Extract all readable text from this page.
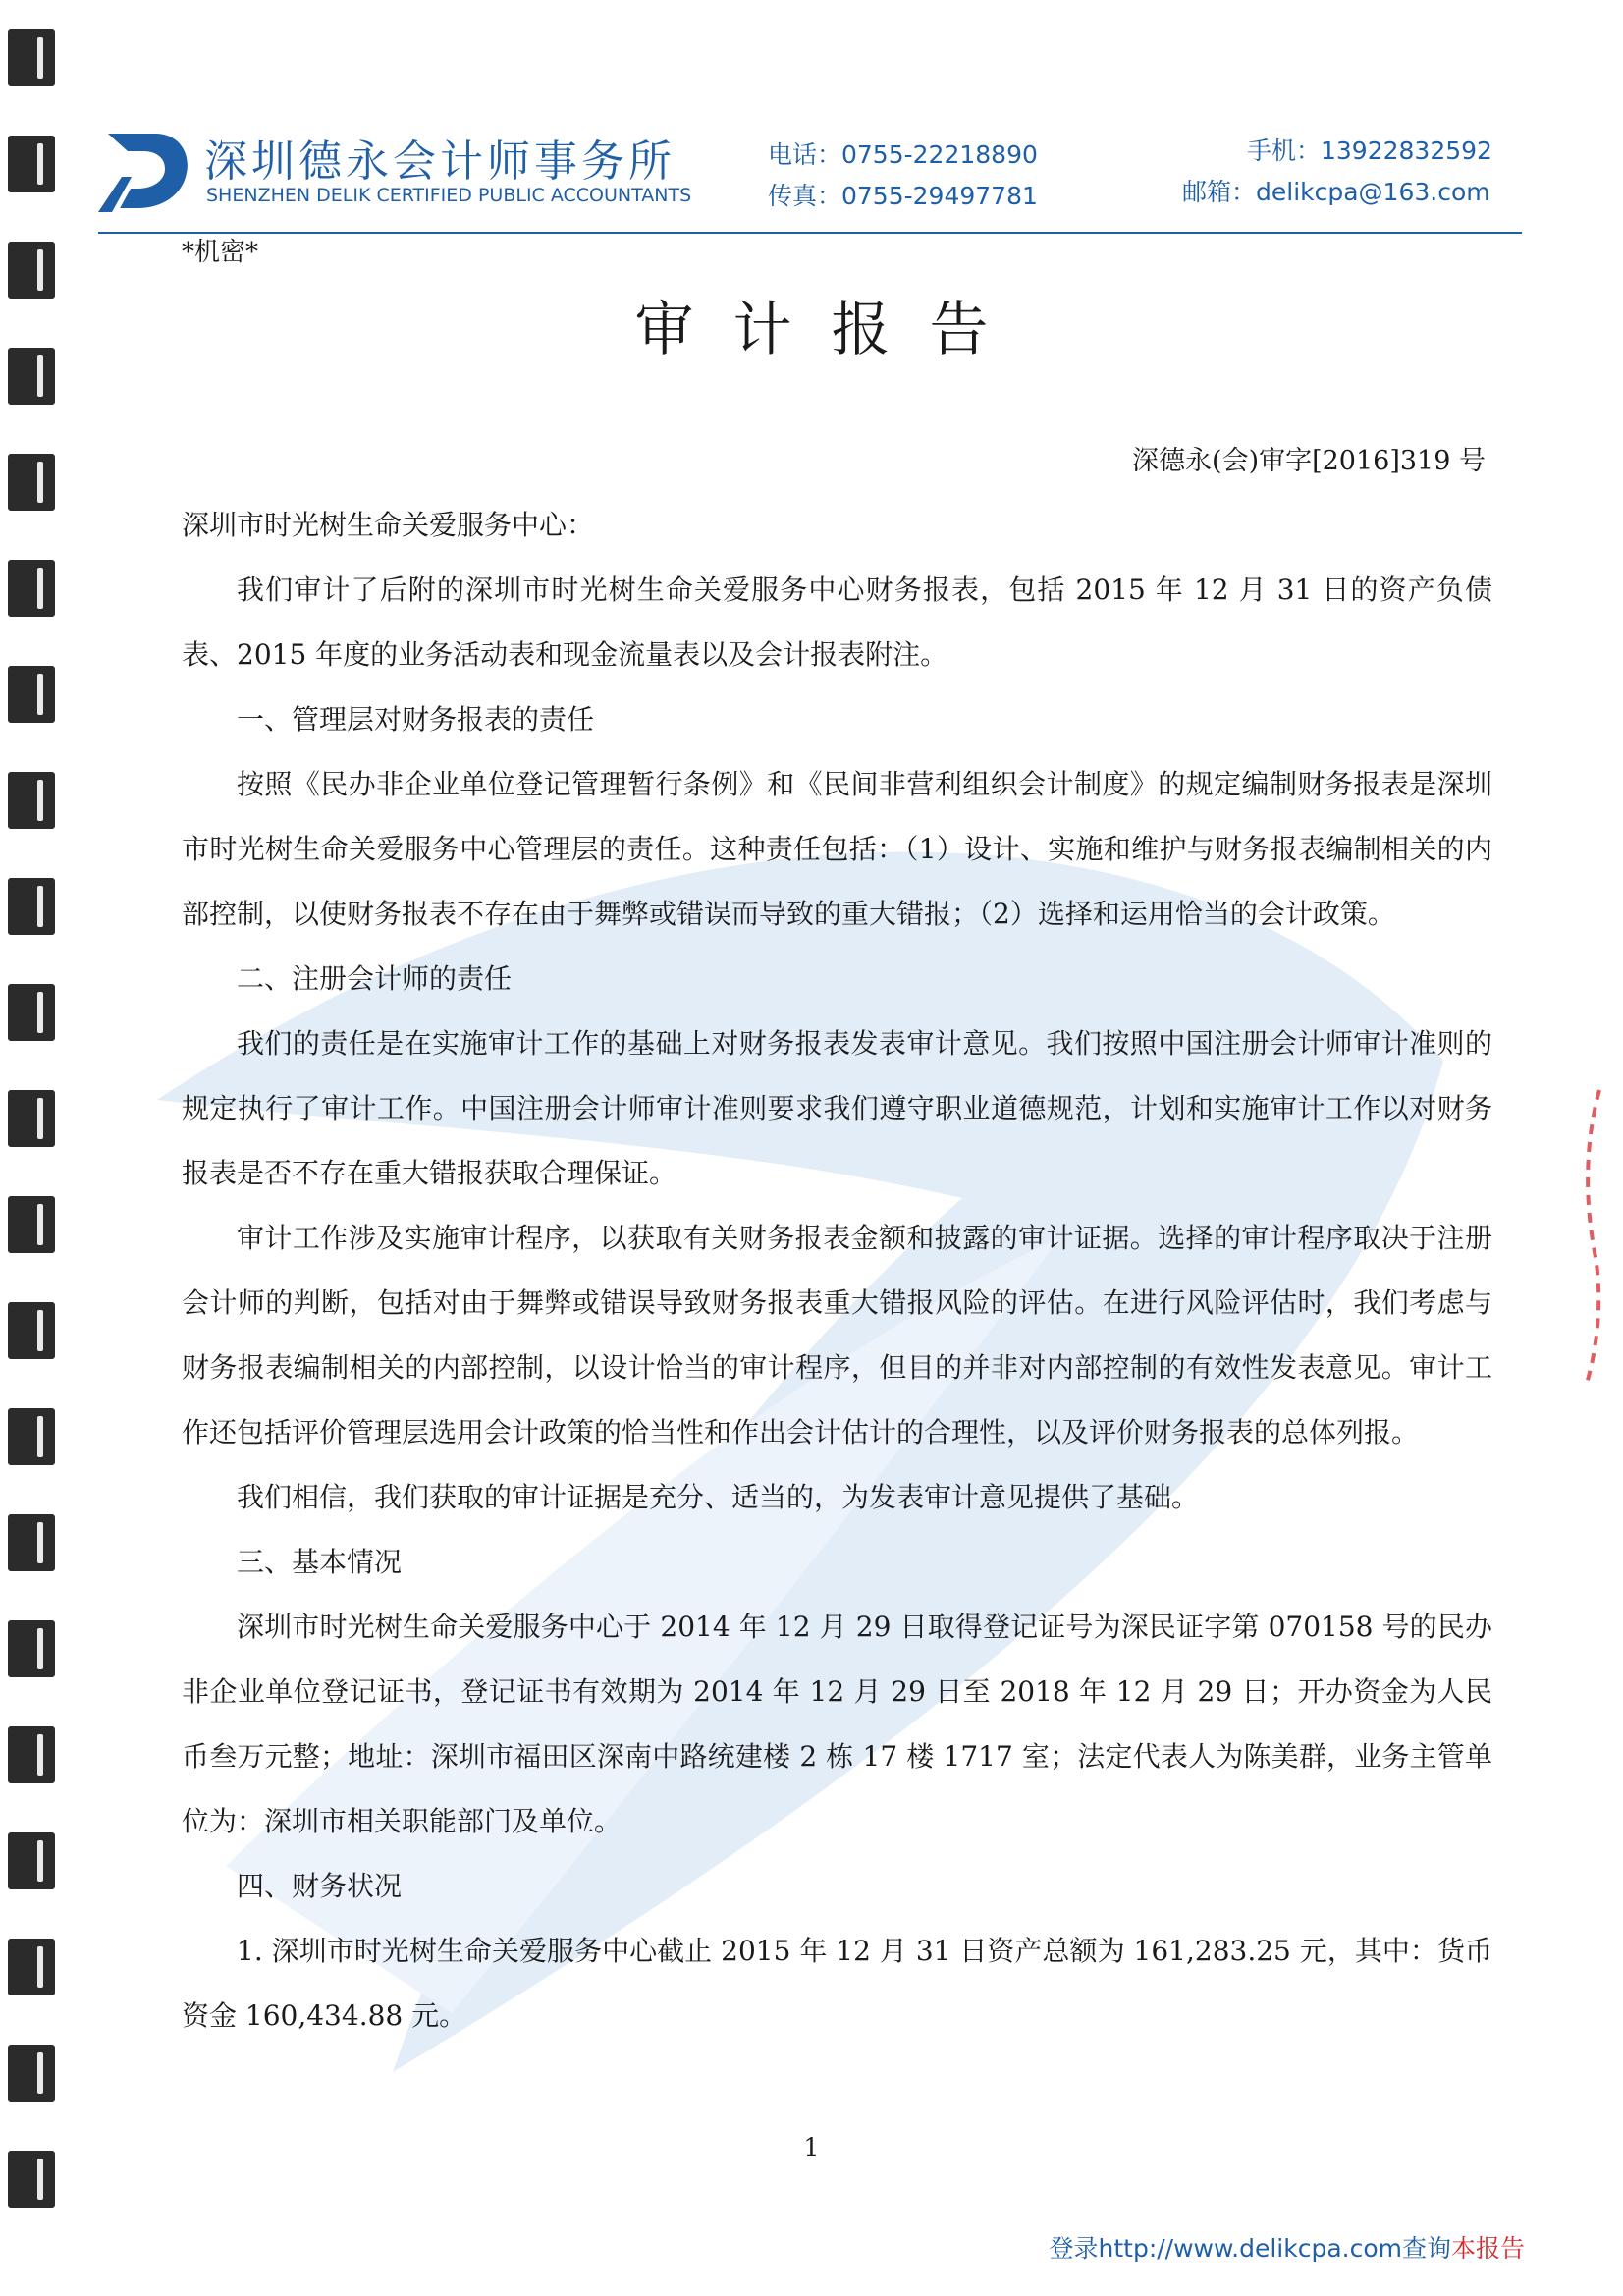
深圳德永会计师事务所
SHENZHEN DELIK CERTIFIED PUBLIC ACCOUNTANTS
电话：0755-22218890
传真：0755-29497781
手机：13922832592
邮箱：delikcpa@163.com
*机密*
审计报告
深德永(会)审字[2016]319 号

深圳市时光树生命关爱服务中心：

我们审计了后附的深圳市时光树生命关爱服务中心财务报表，包括 2015 年 12 月 31 日的资产负债表、2015 年度的业务活动表和现金流量表以及会计报表附注。

一、管理层对财务报表的责任

按照《民办非企业单位登记管理暂行条例》和《民间非营利组织会计制度》的规定编制财务报表是深圳市时光树生命关爱服务中心管理层的责任。这种责任包括：（1）设计、实施和维护与财务报表编制相关的内部控制，以使财务报表不存在由于舞弊或错误而导致的重大错报；（2）选择和运用恰当的会计政策。

二、注册会计师的责任

我们的责任是在实施审计工作的基础上对财务报表发表审计意见。我们按照中国注册会计师审计准则的规定执行了审计工作。中国注册会计师审计准则要求我们遵守职业道德规范，计划和实施审计工作以对财务报表是否不存在重大错报获取合理保证。

审计工作涉及实施审计程序，以获取有关财务报表金额和披露的审计证据。选择的审计程序取决于注册会计师的判断，包括对由于舞弊或错误导致财务报表重大错报风险的评估。在进行风险评估时，我们考虑与财务报表编制相关的内部控制，以设计恰当的审计程序，但目的并非对内部控制的有效性发表意见。审计工作还包括评价管理层选用会计政策的恰当性和作出会计估计的合理性，以及评价财务报表的总体列报。

我们相信，我们获取的审计证据是充分、适当的，为发表审计意见提供了基础。

三、基本情况

深圳市时光树生命关爱服务中心于 2014 年 12 月 29 日取得登记证号为深民证字第 070158 号的民办非企业单位登记证书，登记证书有效期为 2014 年 12 月 29 日至 2018 年 12 月 29 日；开办资金为人民币叁万元整；地址：深圳市福田区深南中路统建楼 2 栋 17 楼 1717 室；法定代表人为陈美群，业务主管单位为：深圳市相关职能部门及单位。

四、财务状况

1. 深圳市时光树生命关爱服务中心截止 2015 年 12 月 31 日资产总额为 161,283.25 元，其中：货币资金 160,434.88 元。

1
登录http://www.delikcpa.com查询本报告
